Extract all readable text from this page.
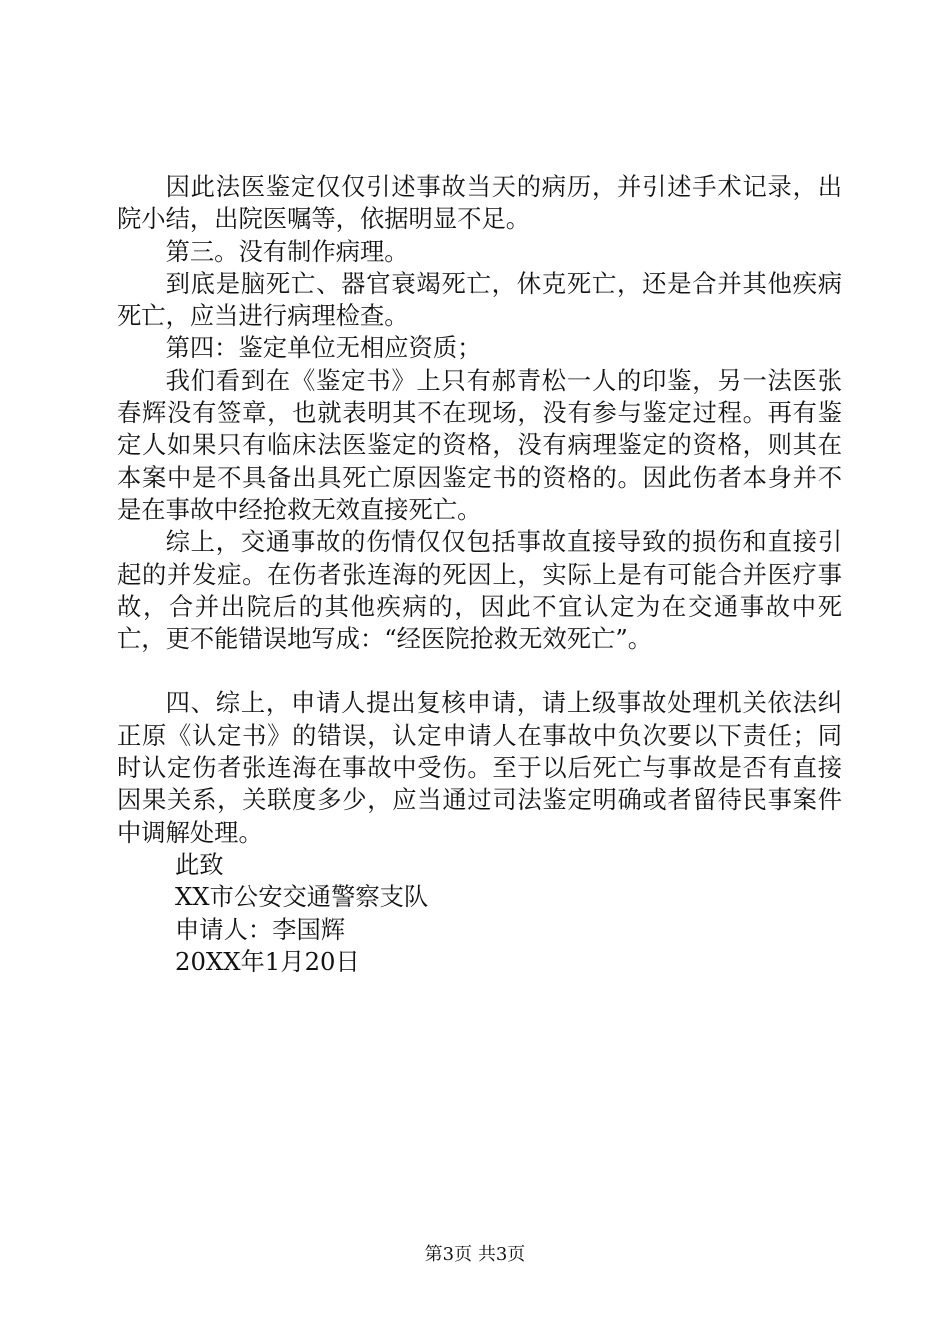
因此法医鉴定仅仅引述事故当天的病历，并引述手术记录，出院小结，出院医嘱等，依据明显不足。

第三。没有制作病理。

到底是脑死亡、器官衰竭死亡，休克死亡，还是合并其他疾病死亡，应当进行病理检查。

第四：鉴定单位无相应资质；

我们看到在《鉴定书》上只有郝青松一人的印鉴，另一法医张春辉没有签章，也就表明其不在现场，没有参与鉴定过程。再有鉴定人如果只有临床法医鉴定的资格，没有病理鉴定的资格，则其在本案中是不具备出具死亡原因鉴定书的资格的。因此伤者本身并不是在事故中经抢救无效直接死亡。

综上，交通事故的伤情仅仅包括事故直接导致的损伤和直接引起的并发症。在伤者张连海的死因上，实际上是有可能合并医疗事故，合并出院后的其他疾病的，因此不宜认定为在交通事故中死亡，更不能错误地写成：“经医院抢救无效死亡”。

四、综上，申请人提出复核申请，请上级事故处理机关依法纠正原《认定书》的错误，认定申请人在事故中负次要以下责任；同时认定伤者张连海在事故中受伤。至于以后死亡与事故是否有直接因果关系，关联度多少，应当通过司法鉴定明确或者留待民事案件中调解处理。

此致

XX市公安交通警察支队

申请人：李国辉

20XX年1月20日

第3页 共3页
